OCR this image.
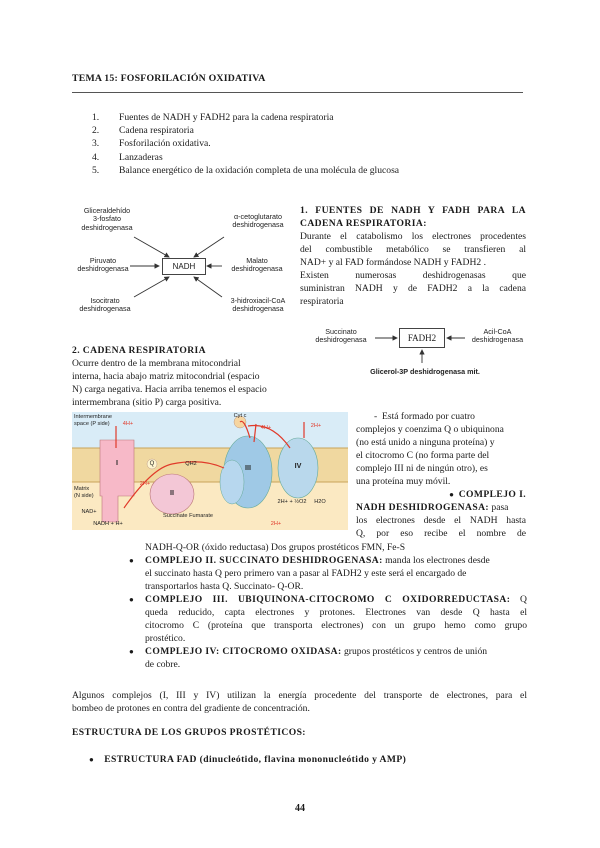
TEMA 15: FOSFORILACIÓN OXIDATIVA
1. Fuentes de NADH y FADH2 para la cadena respiratoria
2. Cadena respiratoria
3. Fosforilación oxidativa.
4. Lanzaderas
5. Balance energético de la oxidación completa de una molécula de glucosa
NADH
Gliceraldehído
3-fosfato
deshidrogenasa
α-cetoglutarato
deshidrogenasa
Piruvato
deshidrogenasa
Malato
deshidrogenasa
Isocitrato
deshidrogenasa
3-hidroxiacil-CoA
deshidrogenasa
1. FUENTES DE NADH Y FADH PARA LA
CADENA RESPIRATORIA:
Durante el catabolismo los electrones procedentes
del combustible metabólico se transfieren al
NAD+ y al FAD formándose NADH y FADH2 .
Existen numerosas deshidrogenasas que
suministran NADH y de FADH2 a la cadena
respiratoria
FADH2
Succinato
deshidrogenasa
Acil-CoA
deshidrogenasa
Glicerol-3P deshidrogenasa mit.
2. CADENA RESPIRATORIA
Ocurre dentro de la membrana mitocondrial
interna, hacia abajo matriz mitocondrial (espacio
N) carga negativa. Hacia arriba tenemos el espacio
intermembrana (sitio P) carga positiva.
Intermembrane
space (P side)
Matrix
(N side)
I
II
III	IV
Cyt c
Q	QH2
4H+
4H+	2H+
2H+
NAD+
NADH + H+
Succinate Fumarate
2H+ + ½O2	H2O
2H+
-  Está formado por cuatro
complejos y coenzima Q o ubiquinona
(no está unido a ninguna proteína) y
el citocromo C (no forma parte del
complejo III ni de ningún otro), es
una proteína muy móvil.
● COMPLEJO I.
NADH DESHIDROGENASA: pasa
los electrones desde el NADH hasta
Q, por eso recibe el nombre de
NADH-Q-OR (óxido reductasa) Dos grupos prostéticos FMN, Fe-S
● COMPLEJO II. SUCCINATO DESHIDROGENASA: manda los electrones desde
el succinato hasta Q pero primero van a pasar al FADH2 y este será el encargado de
transportarlos hasta Q. Succinato- Q-OR.
● COMPLEJO III. UBIQUINONA-CITOCROMO C OXIDORREDUCTASA: Q
queda reducido, capta electrones y protones. Electrones van desde Q hasta el
citocromo C (proteína que transporta electrones) con un grupo hemo como grupo
prostético.
● COMPLEJO IV: CITOCROMO OXIDASA: grupos prostéticos y centros de unión
de cobre.
Algunos complejos (I, III y IV) utilizan la energía procedente del transporte de electrones, para el
bombeo de protones en contra del gradiente de concentración.
ESTRUCTURA DE LOS GRUPOS PROSTÉTICOS:
● ESTRUCTURA FAD (dinucleótido, flavina mononucleótido y AMP)
44
